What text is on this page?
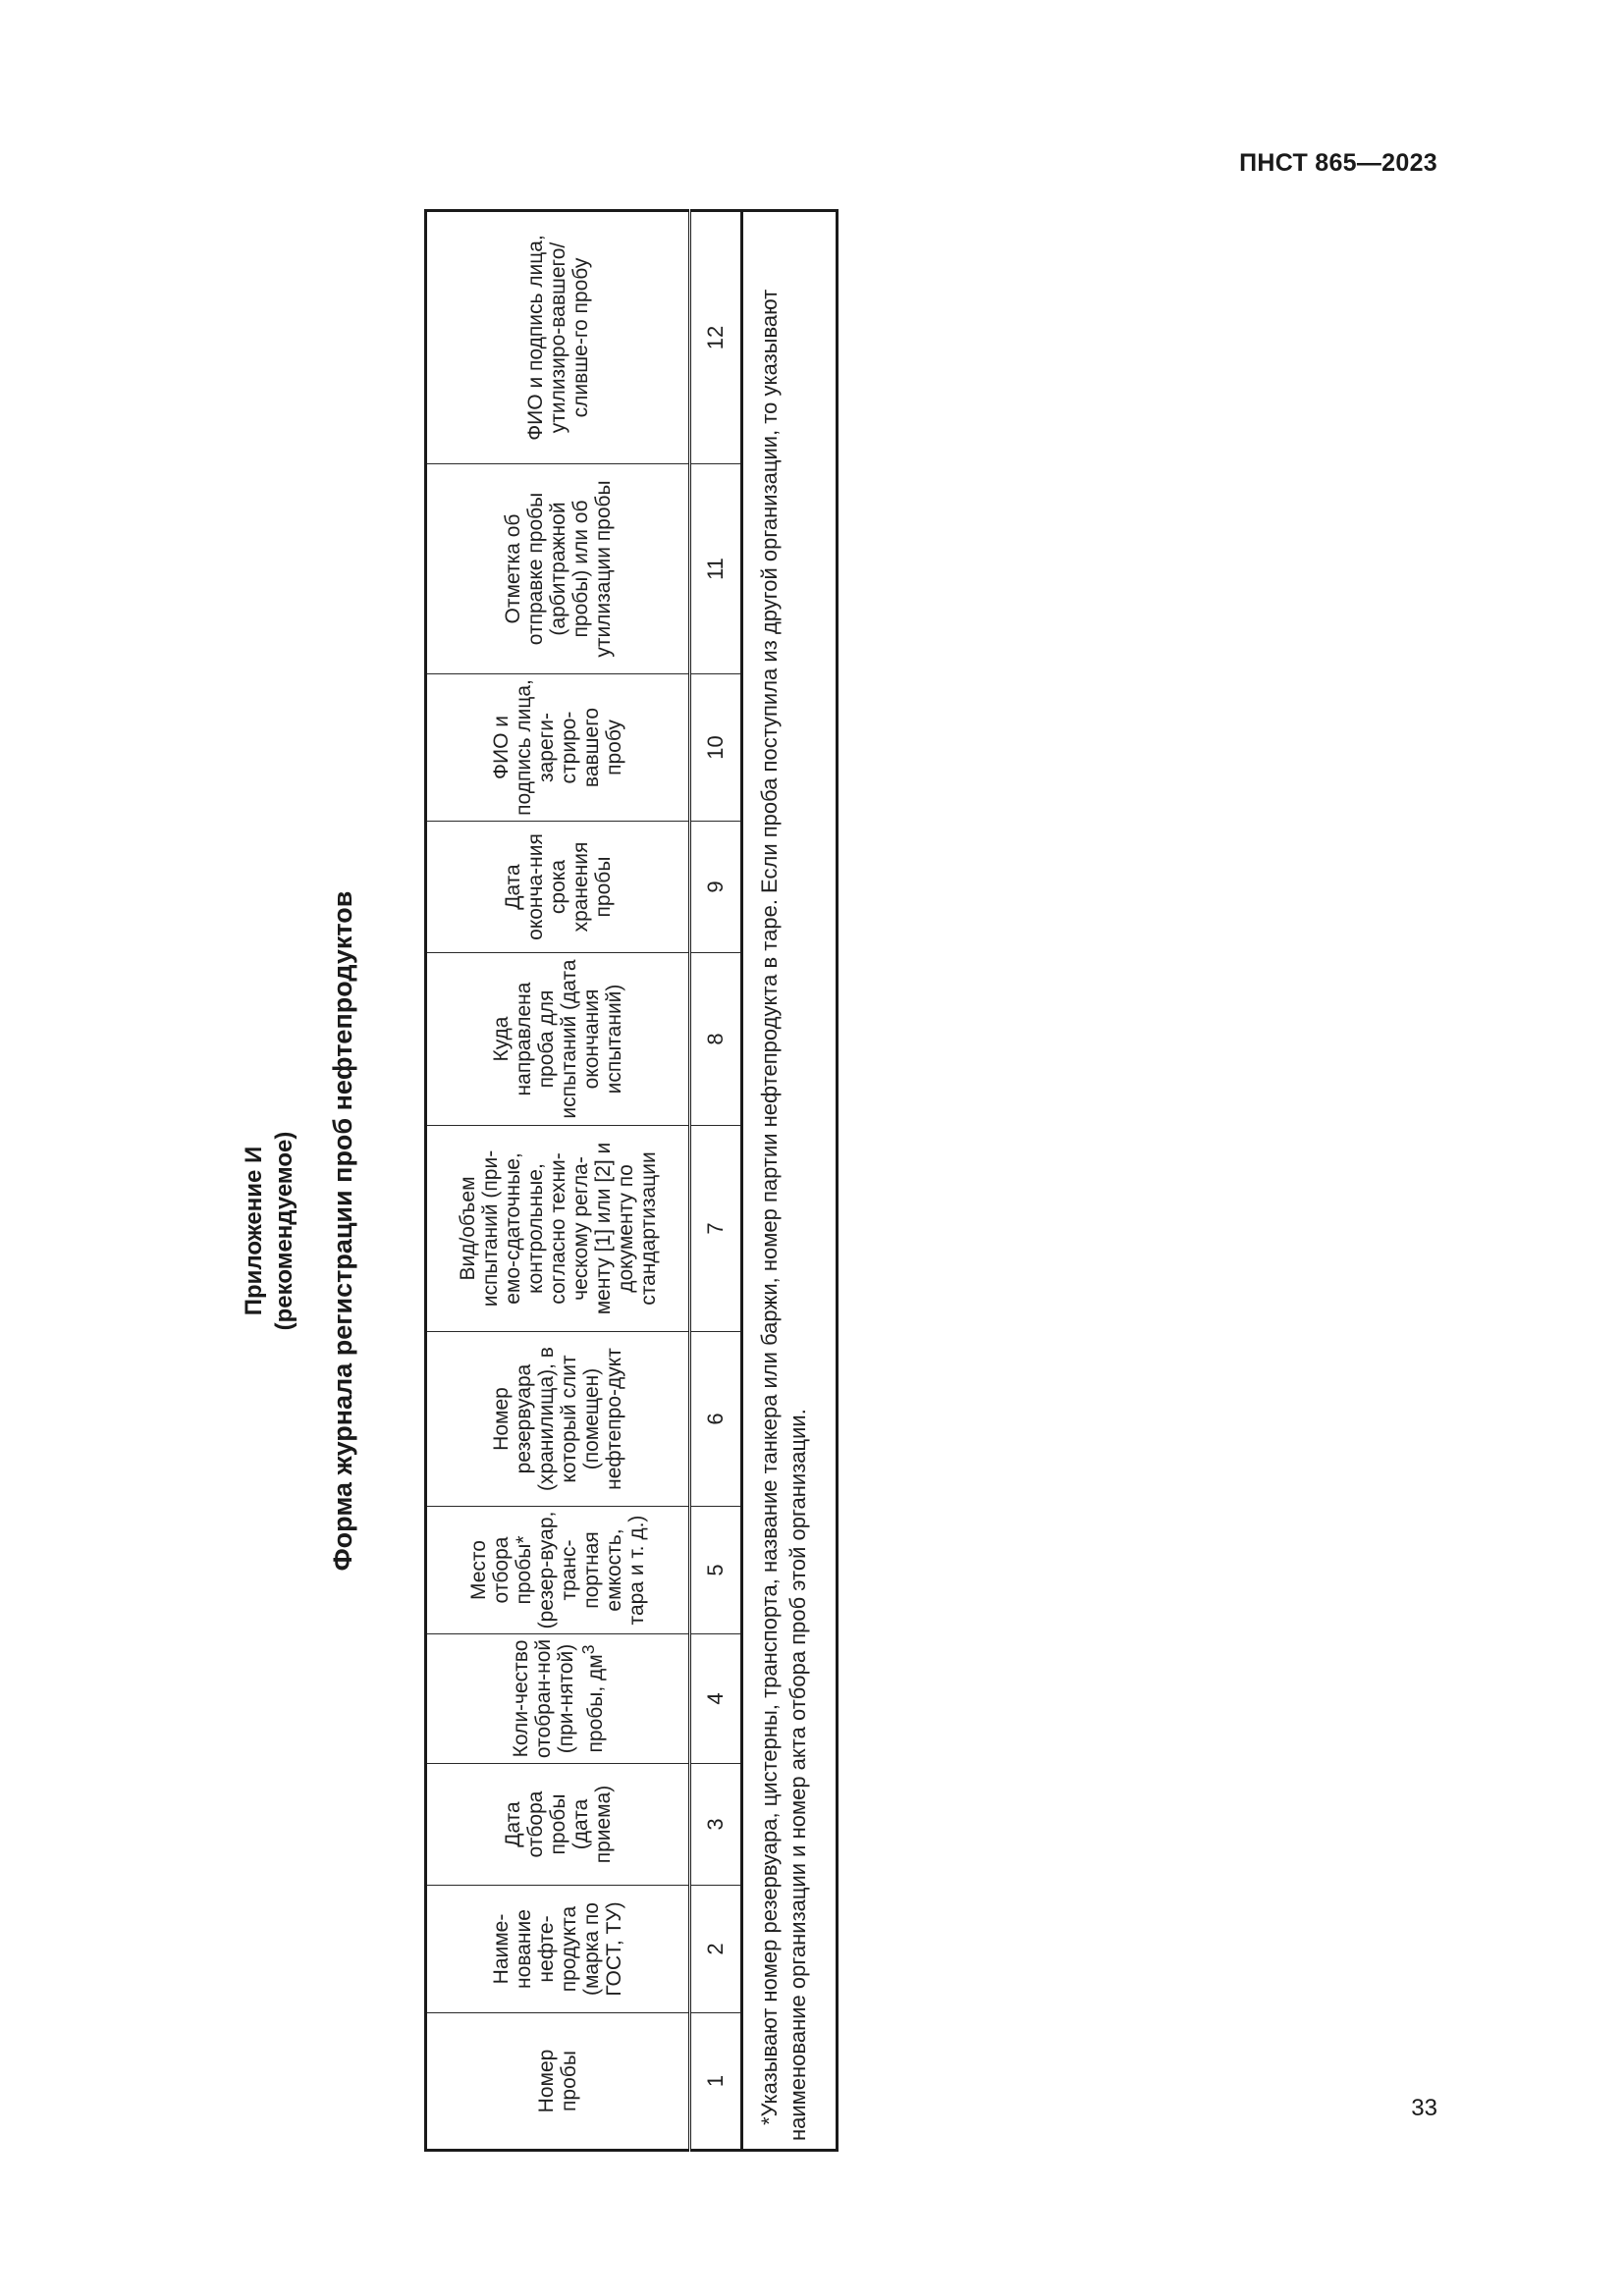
ПНСТ 865—2023
Приложение И (рекомендуемое) Форма журнала регистрации проб нефтепродуктов
Номер пробы	Наиме-нование нефте-продукта (марка по ГОСТ, ТУ)	Дата отбора пробы (дата приема)	Коли-чество отобран-ной (при-нятой) пробы, $дм^3$	Место отбора пробы* (резер-вуар, транс-портная емкость, тара и т. д.)	Номер резервуара (хранилища), в который слит (помещен) нефтепро-дукт	Вид/объем испытаний (при-емо-сдаточные, контрольные, согласно техни-ческому регла-менту [1] или [2] и документу по стандартизации	Куда направлена проба для испытаний (дата окончания испытаний)	Дата оконча-ния срока хранения пробы	ФИО и подпись лица, зареги-стриро-вавшего пробу	Отметка об отправке пробы (арбитражной пробы) или об утилизации пробы	ФИО и подпись лица, утилизиро-вавшего/сливше-го пробу
1	2	3	4	5	6	7	8	9	10	11	12
*Указывают номер резервуара, цистерны, транспорта, название танкера или баржи, номер партии нефтепродукта в таре. Если проба поступила из другой организации, то указывают наименование организации и номер акта отбора проб этой организации.												33
